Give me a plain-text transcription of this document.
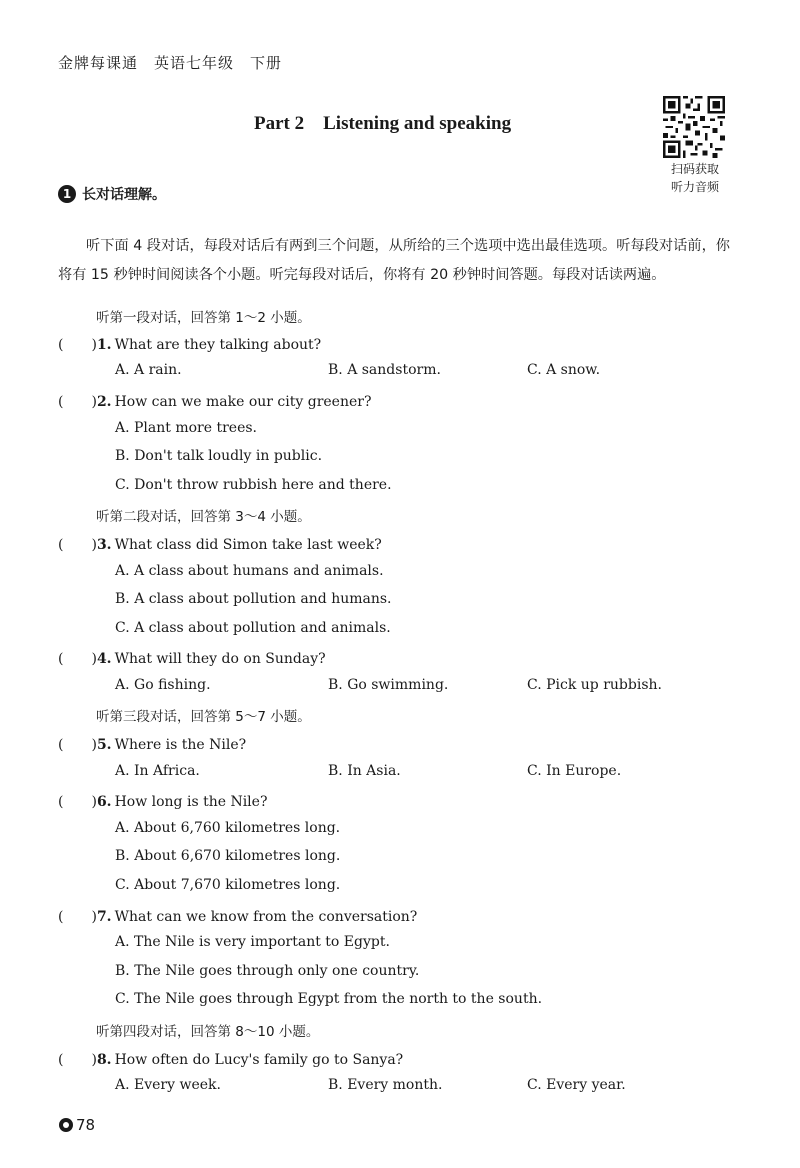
金牌每课通　英语七年级　下册
Part 2　Listening and speaking
扫码获取
听力音频
1 长对话理解。

听下面 4 段对话，每段对话后有两到三个问题，从所给的三个选项中选出最佳选项。听每段对话前，你将有 15 秒钟时间阅读各个小题。听完每段对话后，你将有 20 秒钟时间答题。每段对话读两遍。

听第一段对话，回答第 1～2 小题。
(　　)1. What are they talking about?
A. A rain.	B. A sandstorm.	C. A snow.
(　　)2. How can we make our city greener?
A. Plant more trees.
B. Don't talk loudly in public.
C. Don't throw rubbish here and there.
听第二段对话，回答第 3～4 小题。
(　　)3. What class did Simon take last week?
A. A class about humans and animals.
B. A class about pollution and humans.
C. A class about pollution and animals.
(　　)4. What will they do on Sunday?
A. Go fishing.	B. Go swimming.	C. Pick up rubbish.
听第三段对话，回答第 5～7 小题。
(　　)5. Where is the Nile?
A. In Africa.	B. In Asia.	C. In Europe.
(　　)6. How long is the Nile?
A. About 6,760 kilometres long.
B. About 6,670 kilometres long.
C. About 7,670 kilometres long.
(　　)7. What can we know from the conversation?
A. The Nile is very important to Egypt.
B. The Nile goes through only one country.
C. The Nile goes through Egypt from the north to the south.
听第四段对话，回答第 8～10 小题。
(　　)8. How often do Lucy's family go to Sanya?
A. Every week.	B. Every month.	C. Every year.
78
